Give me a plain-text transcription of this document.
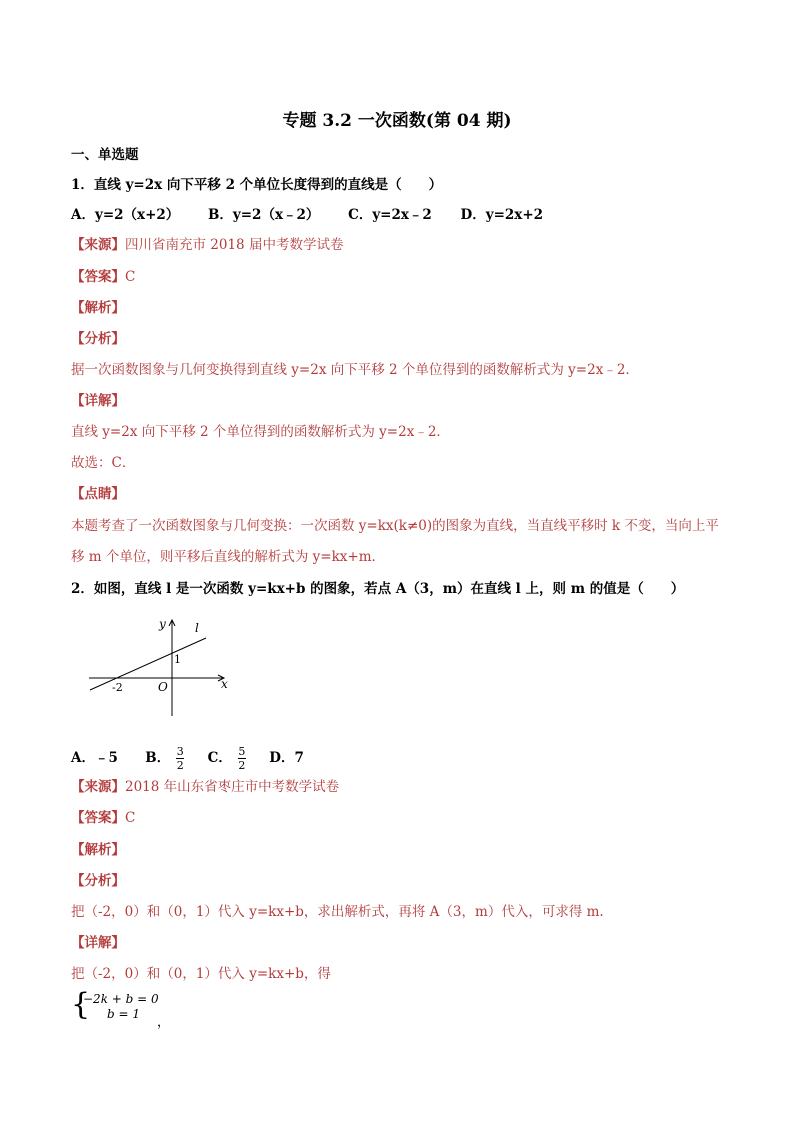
专题 3.2 一次函数(第 04 期)
一、单选题
1．直线 y=2x 向下平移 2 个单位长度得到的直线是（　　）
A．y=2（x+2） B．y=2（x﹣2） C．y=2x﹣2 D．y=2x+2
【来源】四川省南充市 2018 届中考数学试卷
【答案】C
【解析】
【分析】
据一次函数图象与几何变换得到直线 y=2x 向下平移 2 个单位得到的函数解析式为 y=2x﹣2．
【详解】
直线 y=2x 向下平移 2 个单位得到的函数解析式为 y=2x﹣2．
故选：C．
【点睛】
本题考查了一次函数图象与几何变换：一次函数 y=kx(k≠0)的图象为直线，当直线平移时 k 不变，当向上平
移 m 个单位，则平移后直线的解析式为 y=kx+m．
2．如图，直线 l 是一次函数 y=kx+b 的图象，若点 A（3，m）在直线 l 上，则 m 的值是（　　）
y
x
l
O
-2
1
A．﹣5 B． $\frac{3}{2}$ C． $\frac{5}{2}$ D．7
【来源】2018 年山东省枣庄市中考数学试卷
【答案】C
【解析】
【分析】
把（-2，0）和（0，1）代入 y=kx+b，求出解析式，再将 A（3，m）代入，可求得 m.
【详解】
把（-2，0）和（0，1）代入 y=kx+b，得
{
−2k + b = 0
b = 1
，
